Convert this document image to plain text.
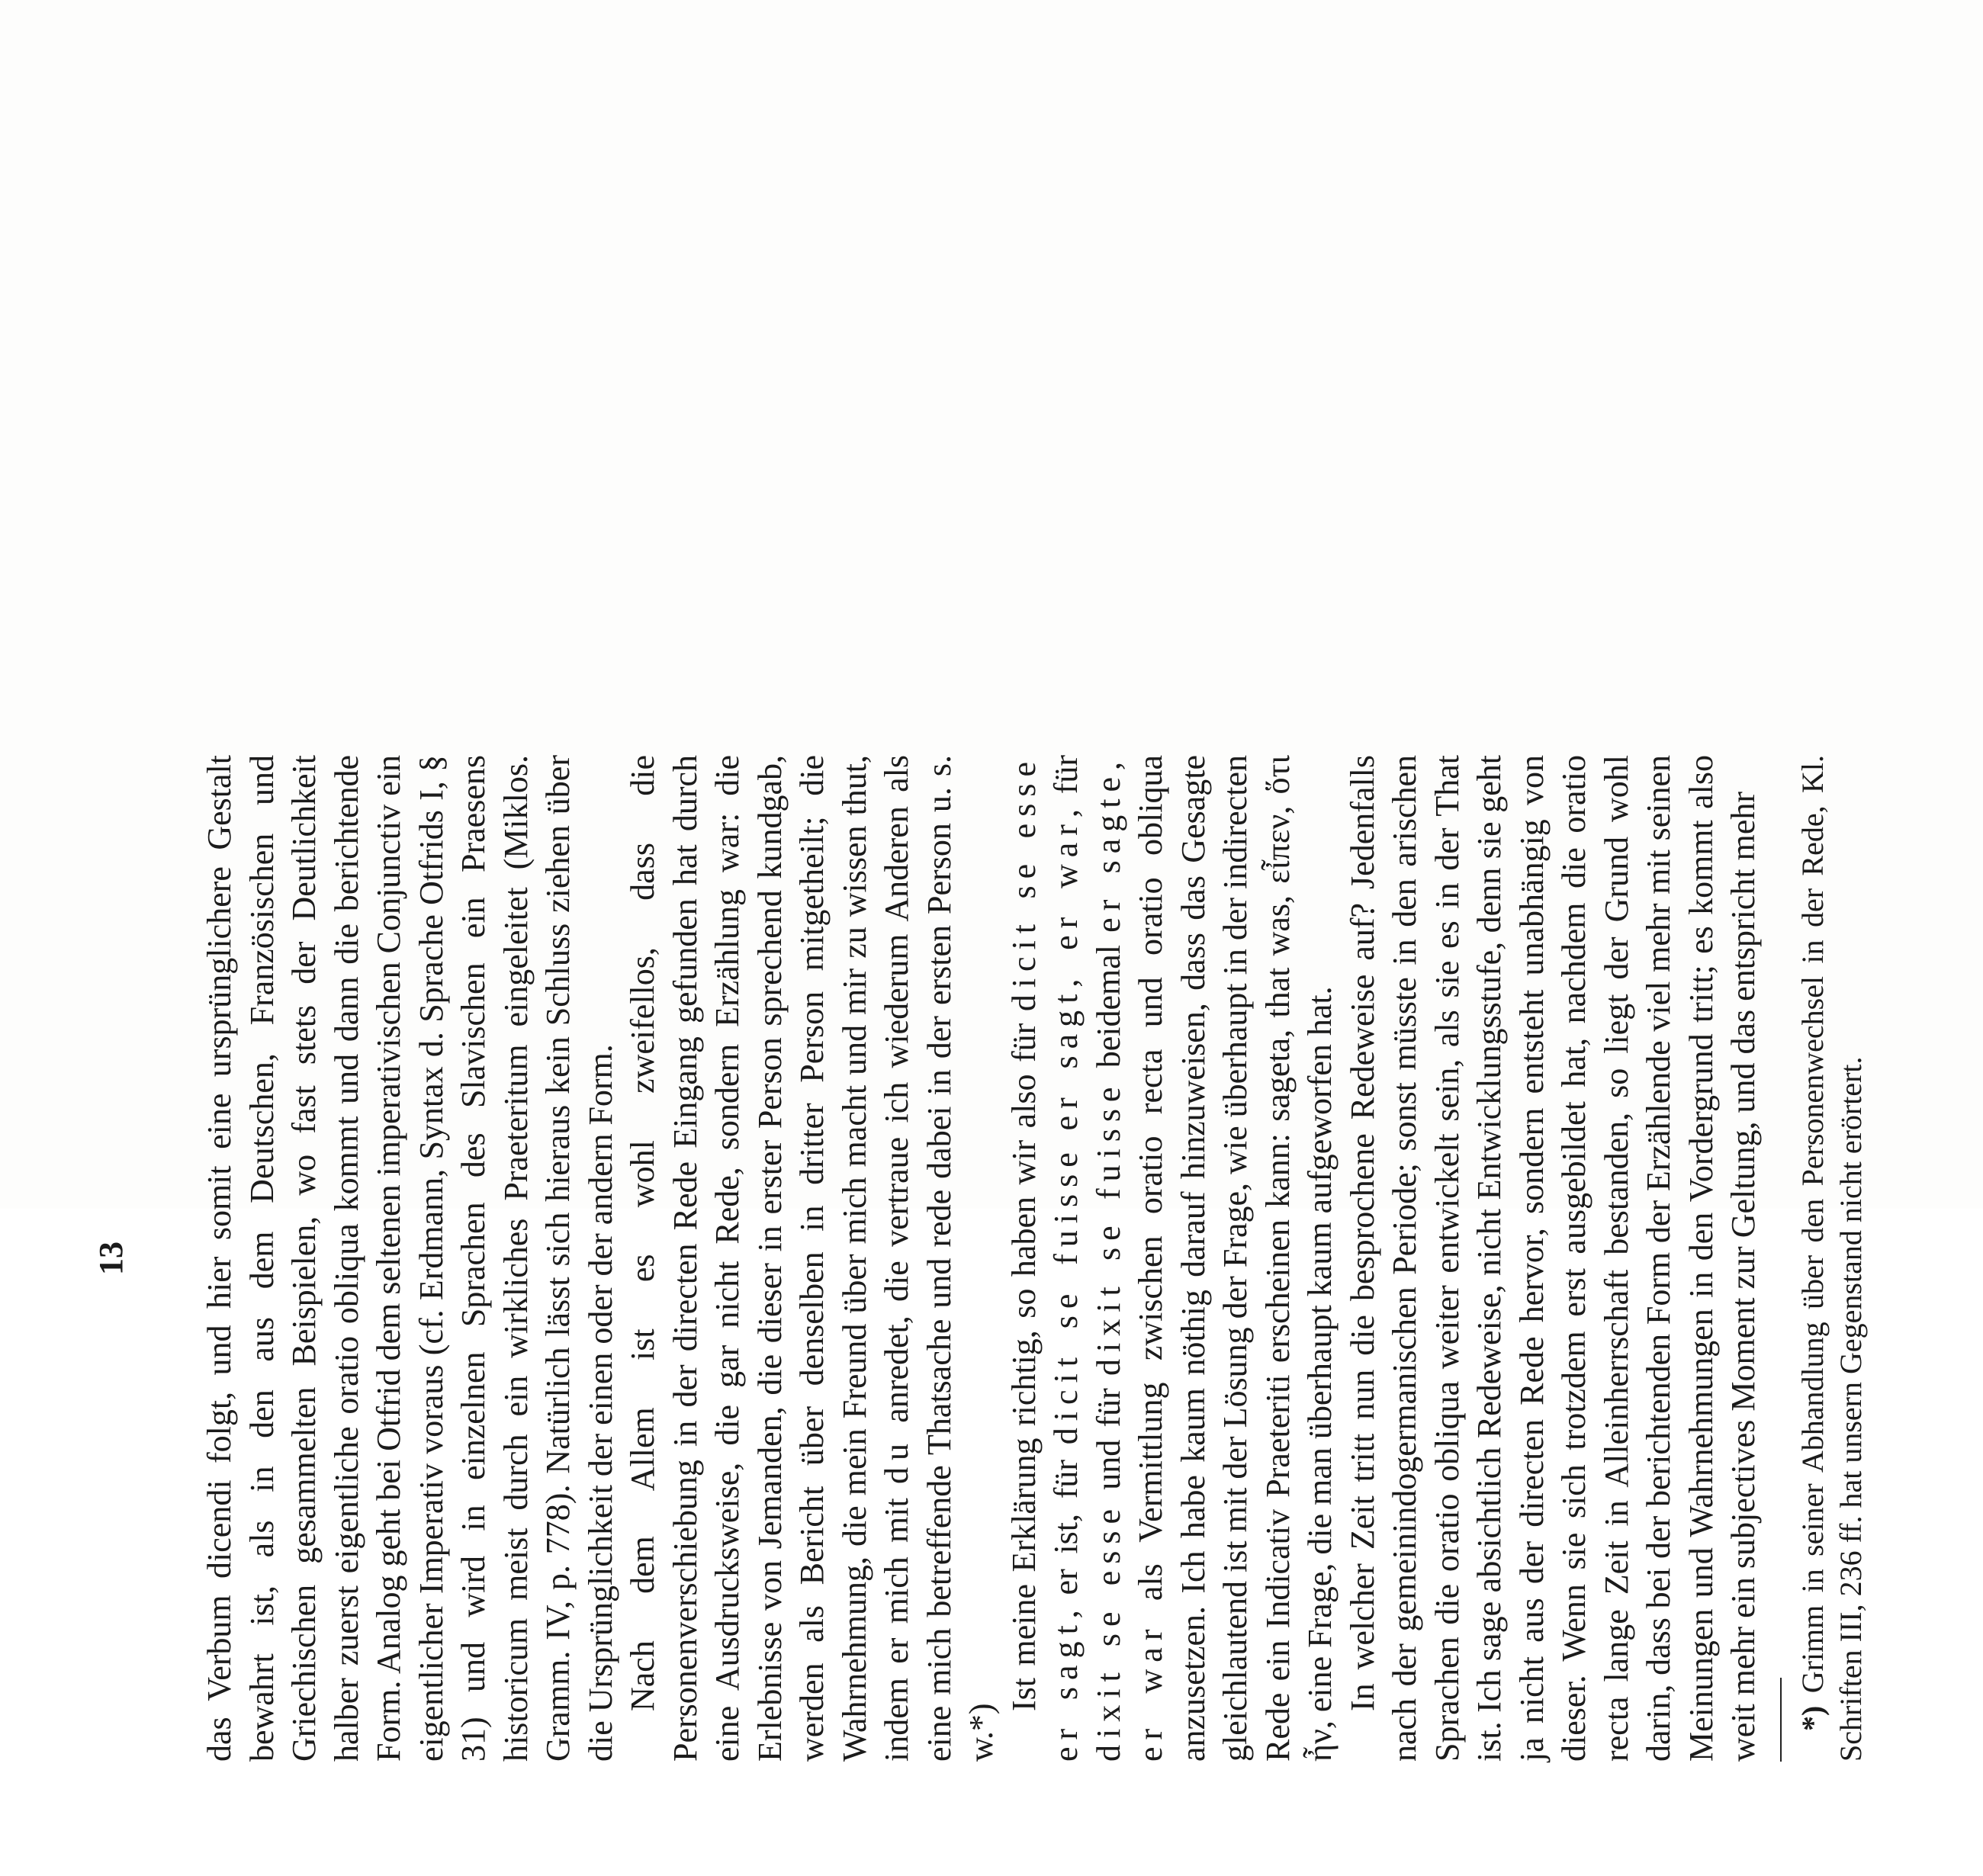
13 das Verbum dicendi folgt, und hier somit eine ursprünglichere Gestalt bewahrt ist, als in den aus dem Deutschen, Französischen und Griechischen gesammelten Beispielen, wo fast stets der Deutlichkeit halber zuerst eigentliche oratio obliqua kommt und dann die berichtende Form. Analog geht bei Otfrid dem seltenen imperativischen Conjunctiv ein eigentlicher Imperativ voraus (cf. Erdmann, Syntax d. Sprache Otfrids I, § 31) und wird in einzelnen Sprachen des Slavischen ein Praesens historicum meist durch ein wirkliches Praeteritum eingeleitet (Miklos. Gramm. IV, p. 778). Natürlich lässt sich hieraus kein Schluss ziehen über die Ursprünglichkeit der einen oder der andern Form. Nach dem Allem ist es wohl zweifellos, dass die Personenverschiebung in der directen Rede Eingang gefunden hat durch eine Ausdrucksweise, die gar nicht Rede, sondern Erzählung war: die Erlebnisse von Jemanden, die dieser in erster Person sprechend kundgab, werden als Bericht über denselben in dritter Person mitgetheilt; die Wahrnehmung, die mein Freund über mich macht und mir zu wissen thut, indem er mich mit du anredet, die vertraue ich wiederum Anderen als eine mich betreffende Thatsache und rede dabei in der ersten Person u. s. w.*)

Ist meine Erklärung richtig, so haben wir also für dicit se esse er sagt, er ist, für dicit se fuisse er sagt, er war, für dixit se esse und für dixit se fuisse beidemal er sagte, er war als Vermittlung zwischen oratio recta und oratio obliqua anzusetzen. Ich habe kaum nöthig darauf hinzuweisen, dass das Gesagte gleichlautend ist mit der Lösung der Frage, wie überhaupt in der indirecten Rede ein Indicativ Praeteriti erscheinen kann: sageta, that was, εἶπεν, ὅτι ἦν, eine Frage, die man überhaupt kaum aufgeworfen hat. In welcher Zeit tritt nun die besprochene Redeweise auf? Jedenfalls nach der gemeinindogermanischen Periode; sonst müsste in den arischen Sprachen die oratio obliqua weiter entwickelt sein, als sie es in der That ist. Ich sage absichtlich Redeweise, nicht Entwicklungsstufe, denn sie geht ja nicht aus der directen Rede hervor, sondern entsteht unabhängig von dieser. Wenn sie sich trotzdem erst ausgebildet hat, nachdem die oratio recta lange Zeit in Alleinherrschaft bestanden, so liegt der Grund wohl darin, dass bei der berichtenden Form der Erzählende viel mehr mit seinen Meinungen und Wahrnehmungen in den Vordergrund tritt; es kommt also weit mehr ein subjectives Moment zur Geltung, und das entspricht mehr *) Grimm in seiner Abhandlung über den Personenwechsel in der Rede, Kl. Schriften III, 236 ff. hat unsern Gegenstand nicht erörtert.
